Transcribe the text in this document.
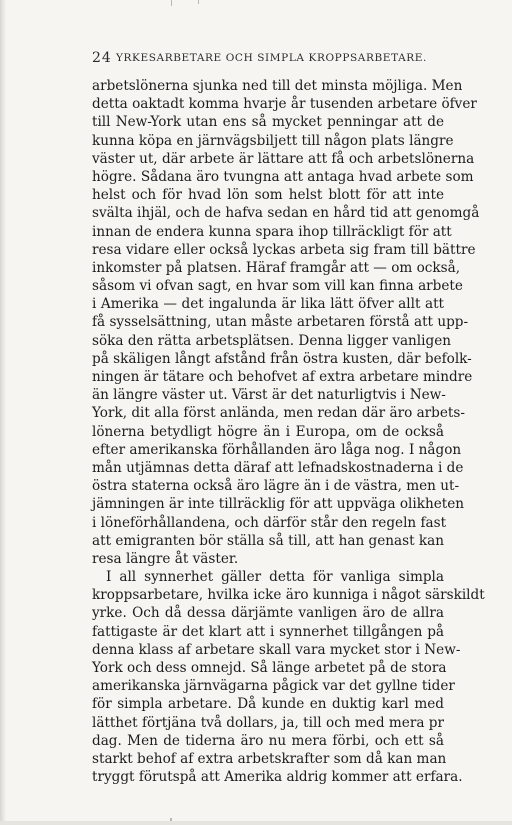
24 YRKESARBETARE OCH SIMPLA KROPPSARBETARE.
arbetslönerna sjunka ned till det minsta möjliga. Men
detta oaktadt komma hvarje år tusenden arbetare öfver
till New-York utan ens så mycket penningar att de
kunna köpa en järnvägsbiljett till någon plats längre
väster ut, där arbete är lättare att få och arbetslönerna
högre. Sådana äro tvungna att antaga hvad arbete som
helst och för hvad lön som helst blott för att inte
svälta ihjäl, och de hafva sedan en hård tid att genomgå
innan de endera kunna spara ihop tillräckligt för att
resa vidare eller också lyckas arbeta sig fram till bättre
inkomster på platsen. Häraf framgår att — om också,
såsom vi ofvan sagt, en hvar som vill kan finna arbete
i Amerika — det ingalunda är lika lätt öfver allt att
få sysselsättning, utan måste arbetaren förstå att upp-
söka den rätta arbetsplätsen. Denna ligger vanligen
på skäligen långt afstånd från östra kusten, där befolk-
ningen är tätare och behofvet af extra arbetare mindre
än längre väster ut. Värst är det naturligtvis i New-
York, dit alla först anlända, men redan där äro arbets-
lönerna betydligt högre än i Europa, om de också
efter amerikanska förhållanden äro låga nog. I någon
mån utjämnas detta däraf att lefnadskostnaderna i de
östra staterna också äro lägre än i de västra, men ut-
jämningen är inte tillräcklig för att uppväga olikheten
i löneförhållandena, och därför står den regeln fast
att emigranten bör ställa så till, att han genast kan
resa längre åt väster.
I all synnerhet gäller detta för vanliga simpla
kroppsarbetare, hvilka icke äro kunniga i något särskildt
yrke. Och då dessa därjämte vanligen äro de allra
fattigaste är det klart att i synnerhet tillgången på
denna klass af arbetare skall vara mycket stor i New-
York och dess omnejd. Så länge arbetet på de stora
amerikanska järnvägarna pågick var det gyllne tider
för simpla arbetare. Då kunde en duktig karl med
lätthet förtjäna två dollars, ja, till och med mera pr
dag. Men de tiderna äro nu mera förbi, och ett så
starkt behof af extra arbetskrafter som då kan man
tryggt förutspå att Amerika aldrig kommer att erfara.
